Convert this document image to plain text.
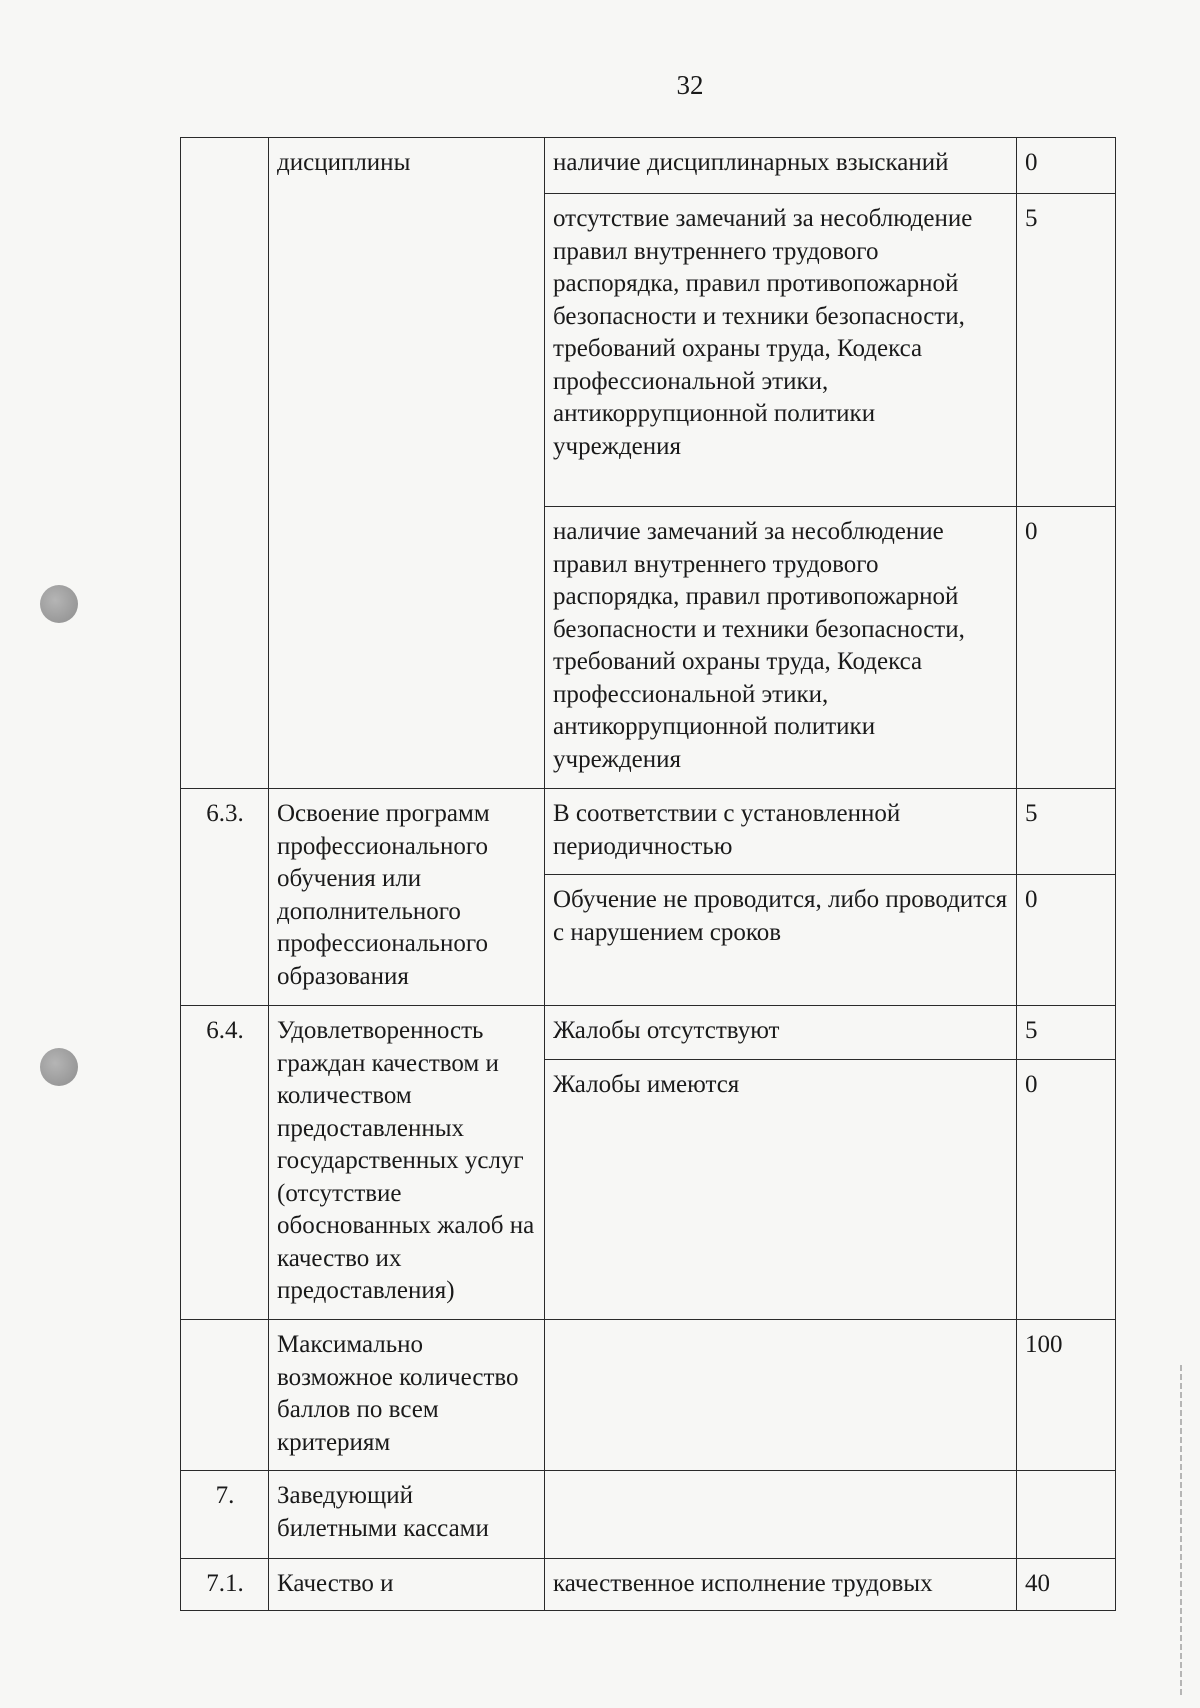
32
	дисциплины	наличие дисциплинарных взысканий	0
		отсутствие замечаний за несоблюдение правил внутреннего трудового распорядка, правил противопожарной безопасности и техники безопасности, требований охраны труда, Кодекса профессиональной этики, антикоррупционной политики учреждения	5
		наличие замечаний за несоблюдение правил внутреннего трудового распорядка, правил противопожарной безопасности и техники безопасности, требований охраны труда, Кодекса профессиональной этики, антикоррупционной политики учреждения	0
6.3.	Освоение программ профессионального обучения или дополнительного профессионального образования	В соответствии с установленной периодичностью	5
		Обучение не проводится, либо проводится с нарушением сроков	0
6.4.	Удовлетворенность граждан качеством и количеством предоставленных государственных услуг (отсутствие обоснованных жалоб на качество их предоставления)	Жалобы отсутствуют	5
		Жалобы имеются	0
	Максимально возможное количество баллов по всем критериям		100
7.	Заведующий билетными кассами		
7.1.	Качество и	качественное исполнение трудовых	40
